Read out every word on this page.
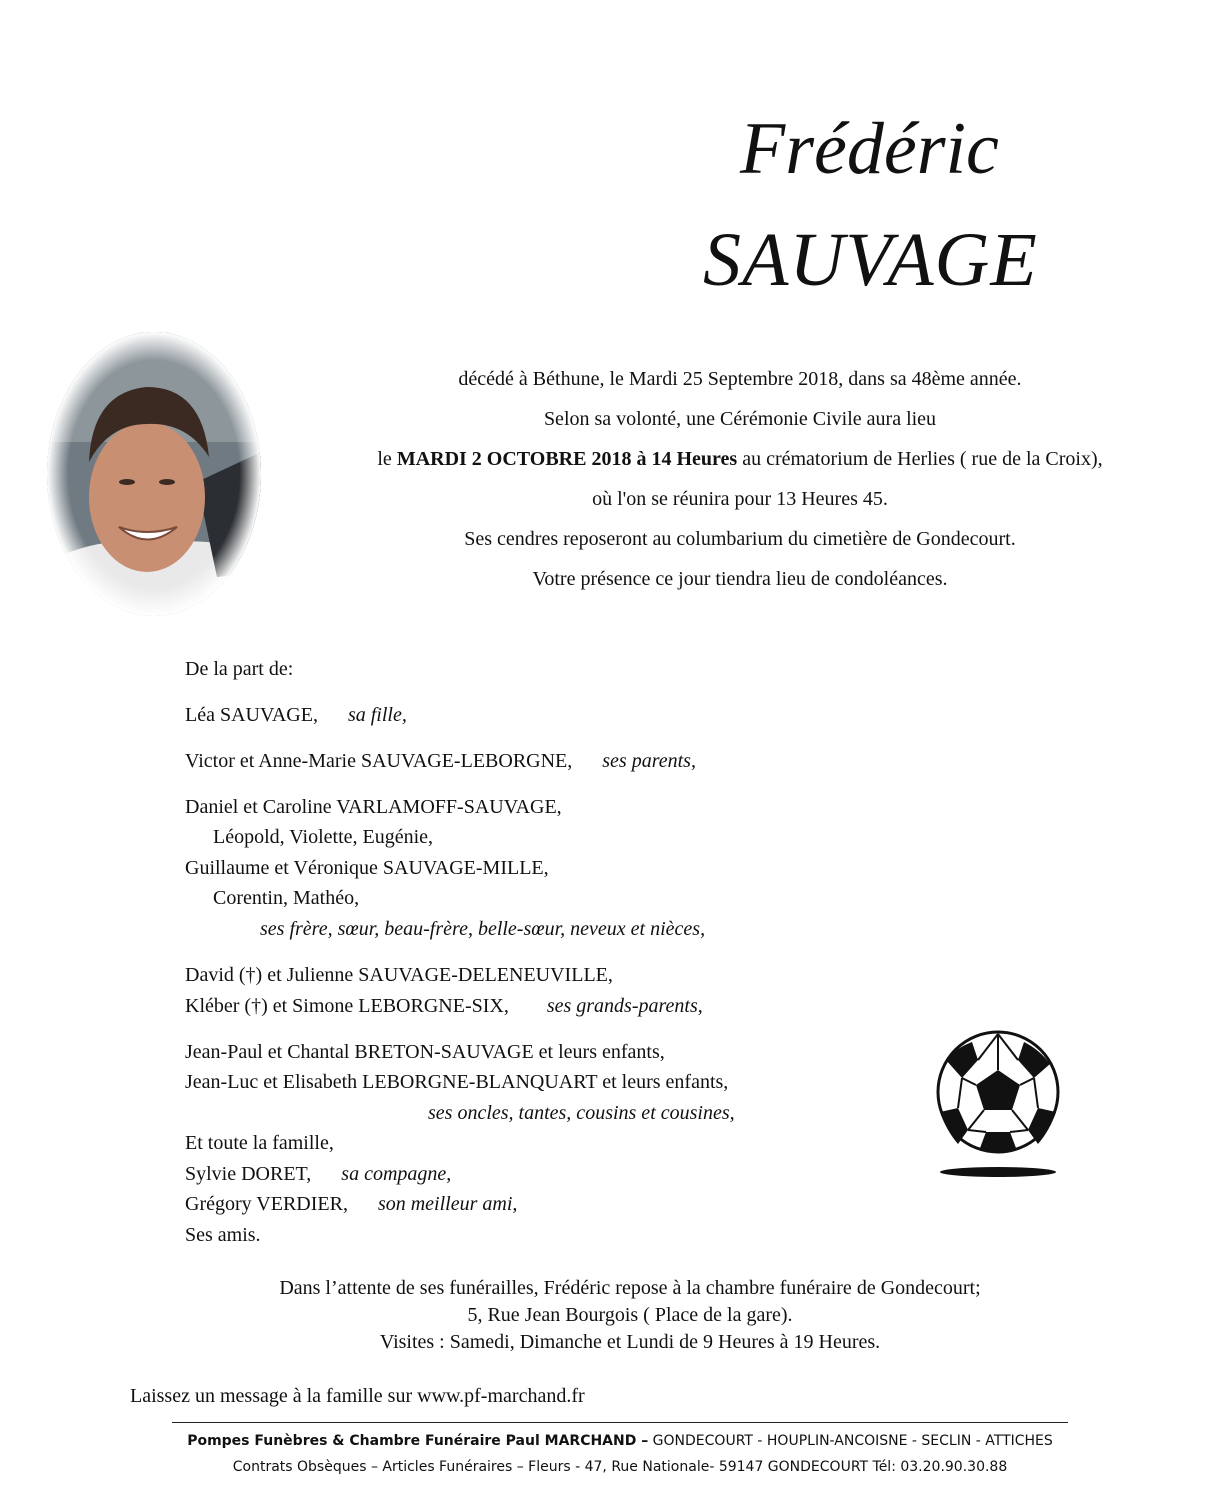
Frédéric
SAUVAGE
décédé à Béthune, le Mardi 25 Septembre 2018, dans sa 48ème année.
Selon sa volonté, une Cérémonie Civile aura lieu
le MARDI 2 OCTOBRE 2018 à 14 Heures au crématorium de Herlies ( rue de la Croix),
où l'on se réunira pour 13 Heures 45.
Ses cendres reposeront au columbarium du cimetière de Gondecourt.
Votre présence ce jour tiendra lieu de condoléances.
De la part de:
Léa SAUVAGE, sa fille,
Victor et Anne-Marie SAUVAGE-LEBORGNE, ses parents,
Daniel et Caroline VARLAMOFF-SAUVAGE,
Léopold, Violette, Eugénie,
Guillaume et Véronique SAUVAGE-MILLE,
Corentin, Mathéo,
ses frère, sœur, beau-frère, belle-sœur, neveux et nièces,
David (†) et Julienne SAUVAGE-DELENEUVILLE,
Kléber (†) et Simone LEBORGNE-SIX, ses grands-parents,
Jean-Paul et Chantal BRETON-SAUVAGE et leurs enfants,
Jean-Luc et Elisabeth LEBORGNE-BLANQUART et leurs enfants,
ses oncles, tantes, cousins et cousines,
Et toute la famille,
Sylvie DORET, sa compagne,
Grégory VERDIER, son meilleur ami,
Ses amis.
Dans l’attente de ses funérailles, Frédéric repose à la chambre funéraire de Gondecourt;
5, Rue Jean Bourgois ( Place de la gare).
Visites : Samedi, Dimanche et Lundi de 9 Heures à 19 Heures.
Laissez un message à la famille sur www.pf-marchand.fr
Pompes Funèbres & Chambre Funéraire Paul MARCHAND – GONDECOURT - HOUPLIN-ANCOISNE - SECLIN - ATTICHES
Contrats Obsèques – Articles Funéraires – Fleurs - 47, Rue Nationale- 59147 GONDECOURT Tél: 03.20.90.30.88
